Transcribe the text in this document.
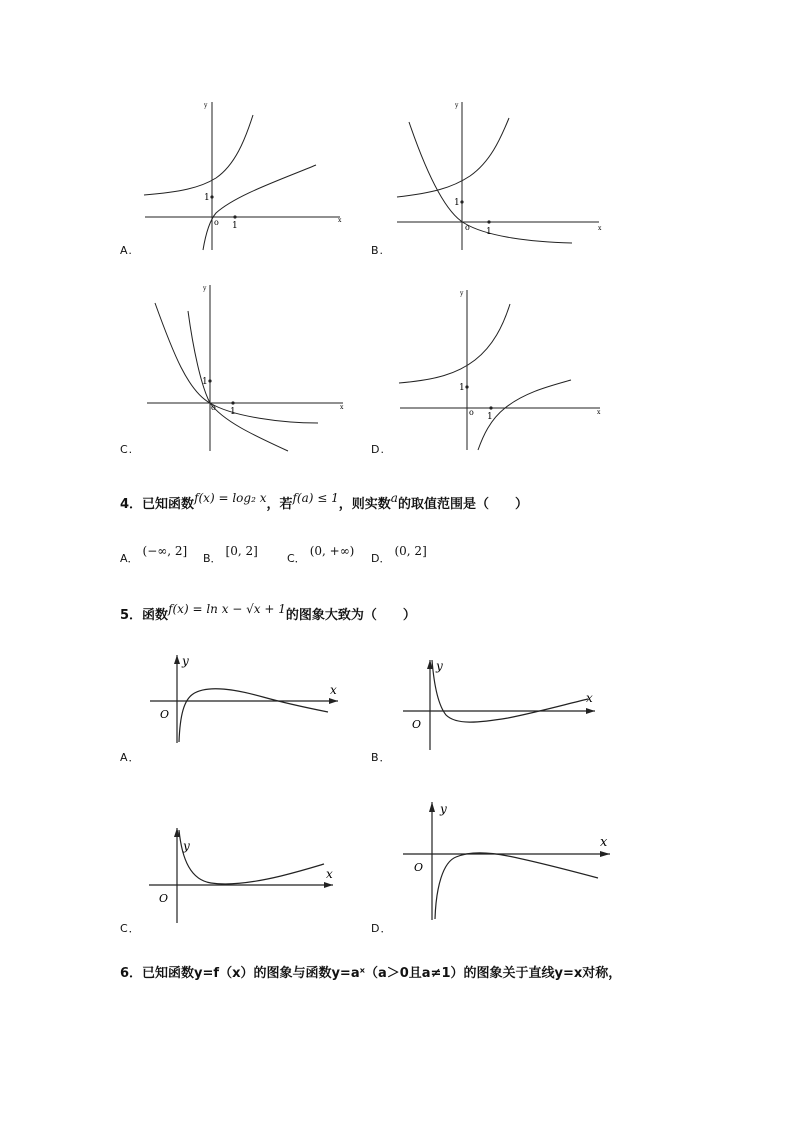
y
x
1
1
o
A.
y
x
1
1
o
B.
y
x
1
1
o
C.
y
x
1
1
o
D.
4．已知函数f(x) = log₂ x，若f(a) ≤ 1，则实数a的取值范围是（　　）
A．(−∞, 2]
B．[0, 2]
C．(0, +∞)
D．(0, 2]
5．函数f(x) = ln x − √x + 1的图象大致为（　　）
y
x
O
A．
y
x
O
B．
y
x
O
C．
y
x
O
D．
6．已知函数y=f（x）的图象与函数y=aˣ（a＞0且a≠1）的图象关于直线y=x对称，
